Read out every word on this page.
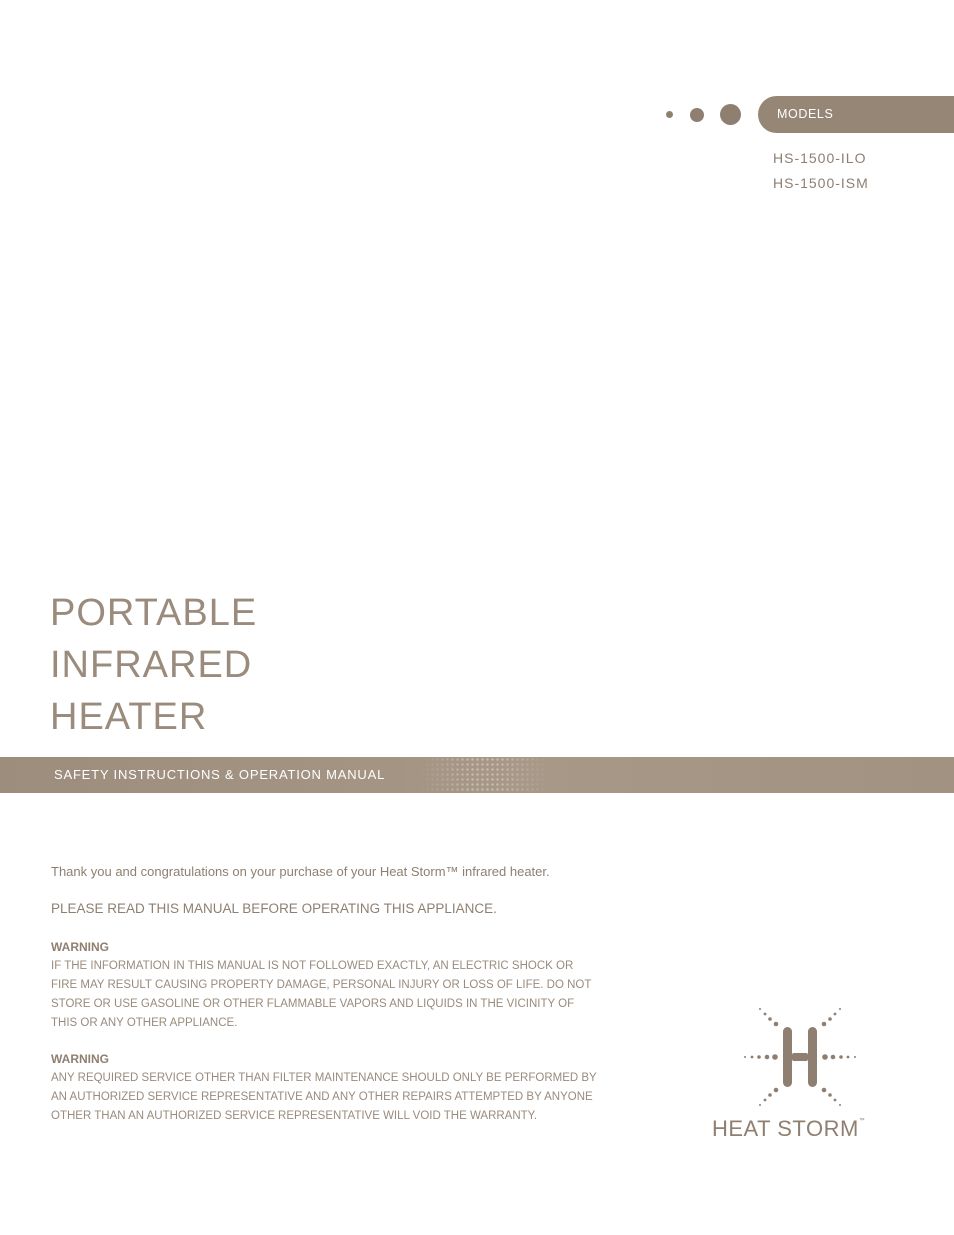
MODELS
HS-1500-ILO
HS-1500-ISM
PORTABLE
INFRARED
HEATER
SAFETY INSTRUCTIONS & OPERATION MANUAL
Thank you and congratulations on your purchase of your Heat Storm™ infrared heater.
PLEASE READ THIS MANUAL BEFORE OPERATING THIS APPLIANCE.
WARNING
IF THE INFORMATION IN THIS MANUAL IS NOT FOLLOWED EXACTLY, AN ELECTRIC SHOCK OR
FIRE MAY RESULT CAUSING PROPERTY DAMAGE, PERSONAL INJURY OR LOSS OF LIFE. DO NOT
STORE OR USE GASOLINE OR OTHER FLAMMABLE VAPORS AND LIQUIDS IN THE VICINITY OF
THIS OR ANY OTHER APPLIANCE.
WARNING
ANY REQUIRED SERVICE OTHER THAN FILTER MAINTENANCE SHOULD ONLY BE PERFORMED BY
AN AUTHORIZED SERVICE REPRESENTATIVE AND ANY OTHER REPAIRS ATTEMPTED BY ANYONE
OTHER THAN AN AUTHORIZED SERVICE REPRESENTATIVE WILL VOID THE WARRANTY.	HEAT STORM™
